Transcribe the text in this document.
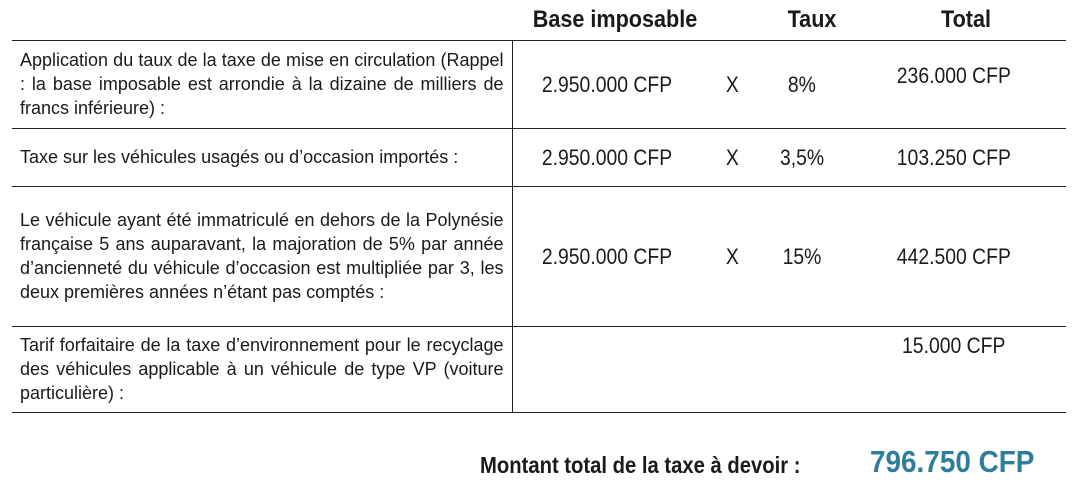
Base imposable	Taux	Total
Application du taux de la taxe de mise en circulation (Rappel : la base imposable est arrondie à la dizaine de milliers de francs inférieure) :	2.950.000 CFP	X	8%	236.000 CFP
Taxe sur les véhicules usagés ou d’occasion importés :	2.950.000 CFP	X	3,5%	103.250 CFP
Le véhicule ayant été immatriculé en dehors de la Polynésie française 5 ans auparavant, la majoration de 5% par année d’ancienneté du véhicule d’occasion est multipliée par 3, les deux premières années n’étant pas comptés :	2.950.000 CFP	X	15%	442.500 CFP
Tarif forfaitaire de la taxe d’environnement pour le recyclage des véhicules applicable à un véhicule de type VP (voiture particulière) :				15.000 CFP
Montant total de la taxe à devoir : 796.750 CFP
